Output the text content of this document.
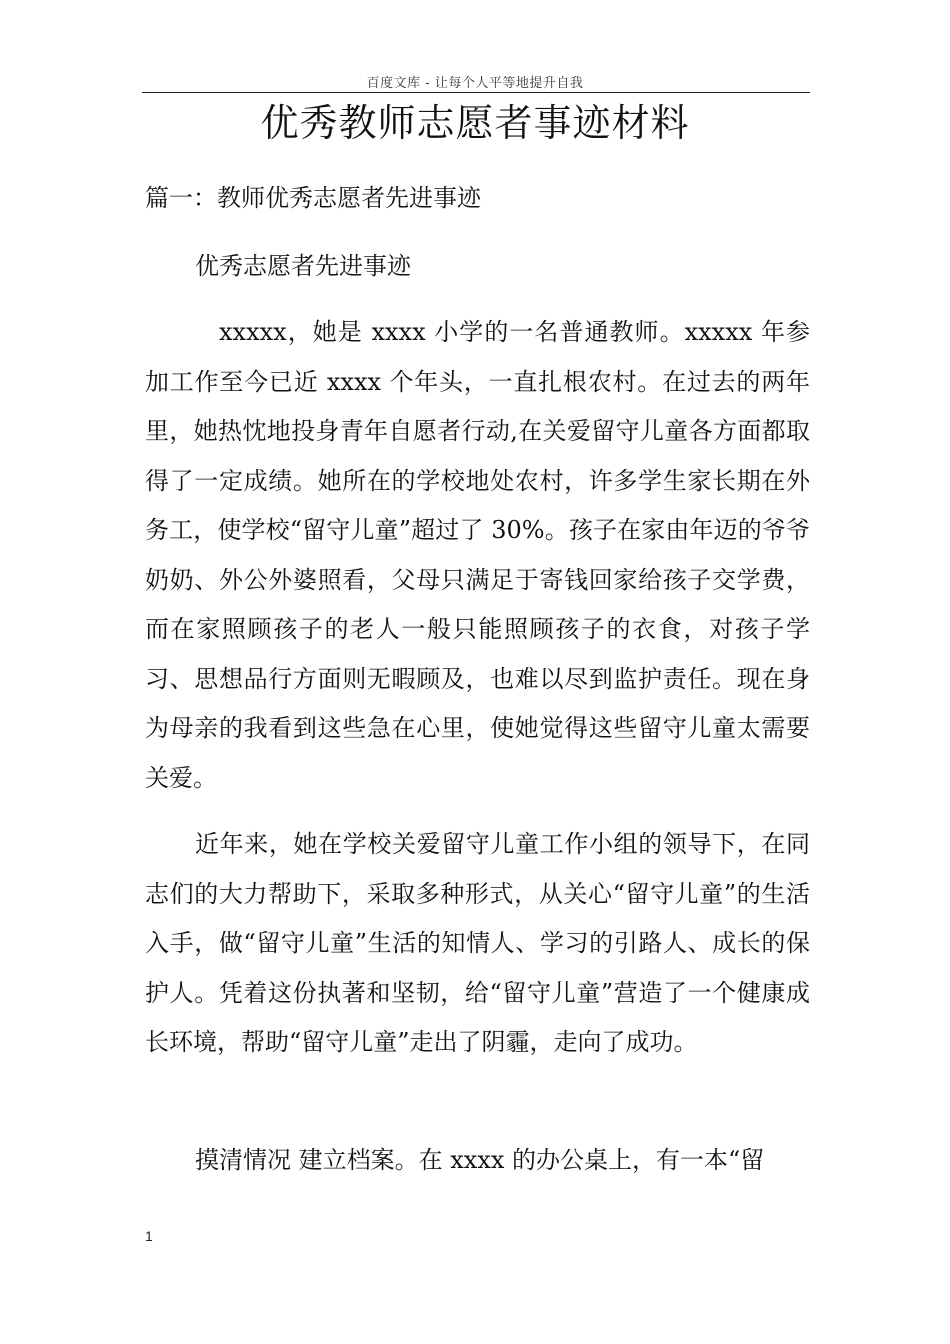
百度文库 - 让每个人平等地提升自我
优秀教师志愿者事迹材料
篇一：教师优秀志愿者先进事迹
优秀志愿者先进事迹

xxxxx，她是 xxxx 小学的一名普通教师。xxxxx 年参加工作至今已近 xxxx 个年头，一直扎根农村。在过去的两年里，她热忱地投身青年自愿者行动,在关爱留守儿童各方面都取得了一定成绩。她所在的学校地处农村，许多学生家长期在外务工，使学校“留守儿童”超过了 30%。孩子在家由年迈的爷爷奶奶、外公外婆照看，父母只满足于寄钱回家给孩子交学费，而在家照顾孩子的老人一般只能照顾孩子的衣食，对孩子学习、思想品行方面则无暇顾及，也难以尽到监护责任。现在身为母亲的我看到这些急在心里，使她觉得这些留守儿童太需要关爱。

近年来，她在学校关爱留守儿童工作小组的领导下，在同志们的大力帮助下，采取多种形式，从关心“留守儿童”的生活入手，做“留守儿童”生活的知情人、学习的引路人、成长的保护人。凭着这份执著和坚韧，给“留守儿童”营造了一个健康成长环境，帮助“留守儿童”走出了阴霾，走向了成功。

摸清情况 建立档案。在 xxxx 的办公桌上，有一本“留

1
